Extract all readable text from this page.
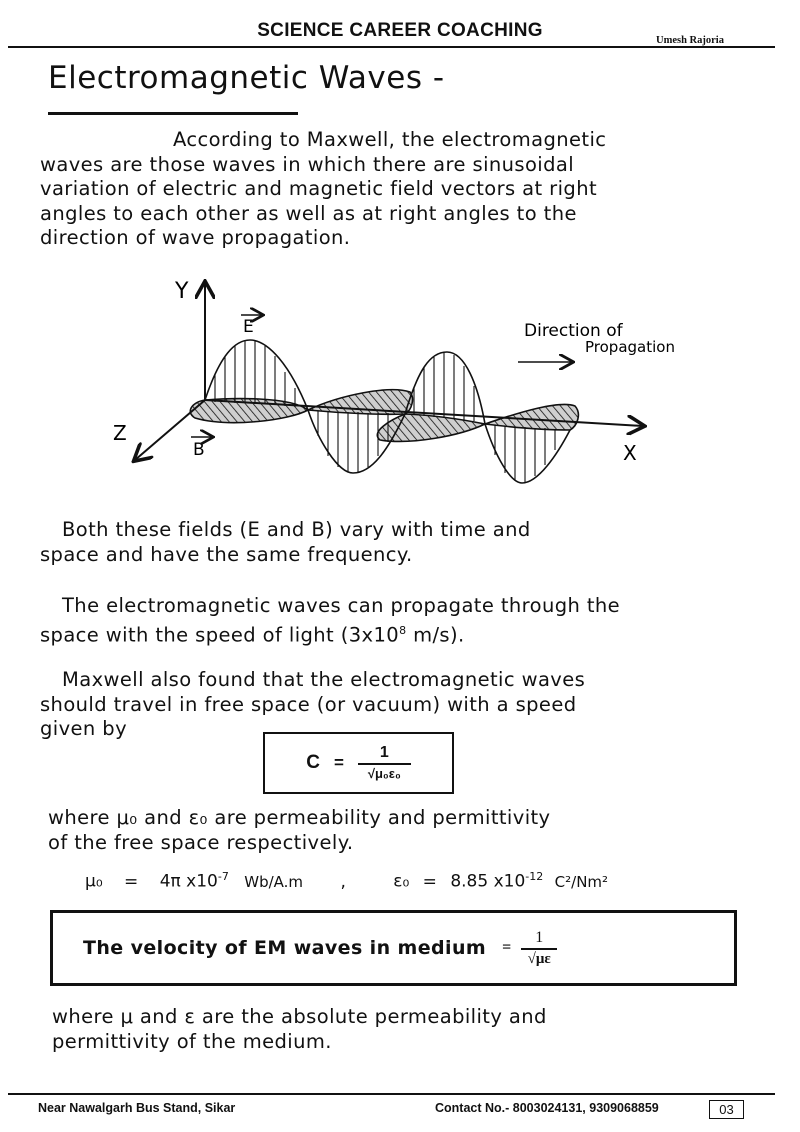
SCIENCE CAREER COACHING	Umesh Rajoria
Electromagnetic Waves -

According to Maxwell, the electromagnetic

waves are those waves in which there are sinusoidal

variation of electric and magnetic field vectors at right

angles to each other as well as at right angles to the

direction of wave propagation.

Y
X
Z
E
B
Direction of
Propagation

Both these fields (E and B) vary with time and

space and have the same frequency.

The electromagnetic waves can propagate through the

space with the speed of light ($3x10^8$ m/s).

Maxwell also found that the electromagnetic waves

should travel in free space (or vacuum) with a speed

given by

$C = \frac{1}{\text{√μ₀ε₀}}$

where μ₀ and ε₀ are permeability and permittivity

of the free space respectively.

μ₀ = 4π $x10^{-7}$ Wb/A.m ,	ε₀ = 8.85 $x10^{-12}$ C²/Nm²
The velocity of EM waves in medium = $\frac{1}{√\mu\varepsilon}$

where μ and ε are the absolute permeability and

permittivity of the medium.

Near Nawalgarh Bus Stand, Sikar	Contact No.- 8003024131, 9309068859	03
